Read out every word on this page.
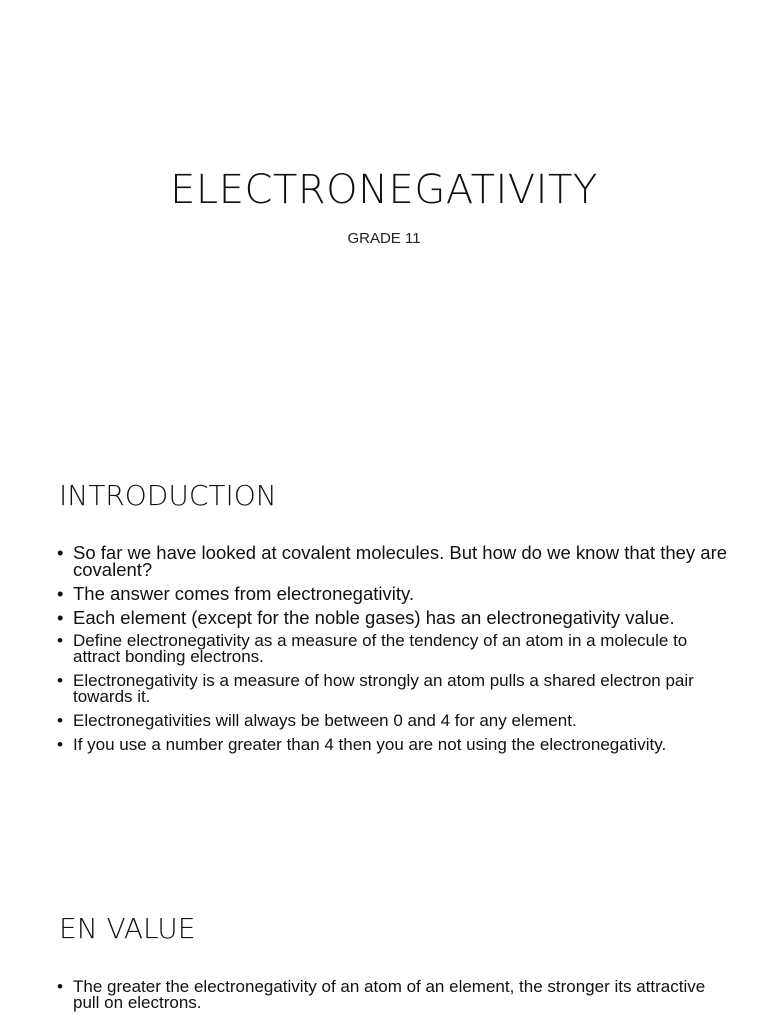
ELECTRONEGATIVITY
GRADE 11
INTRODUCTION
• So far we have looked at covalent molecules. But how do we know that they are covalent?
• The answer comes from electronegativity.
• Each element (except for the noble gases) has an electronegativity value.
• Define electronegativity as a measure of the tendency of an atom in a molecule to attract bonding electrons.
• Electronegativity is a measure of how strongly an atom pulls a shared electron pair towards it.
• Electronegativities will always be between 0 and 4 for any element.
• If you use a number greater than 4 then you are not using the electronegativity.
EN VALUE
• The greater the electronegativity of an atom of an element, the stronger its attractive pull on electrons.
